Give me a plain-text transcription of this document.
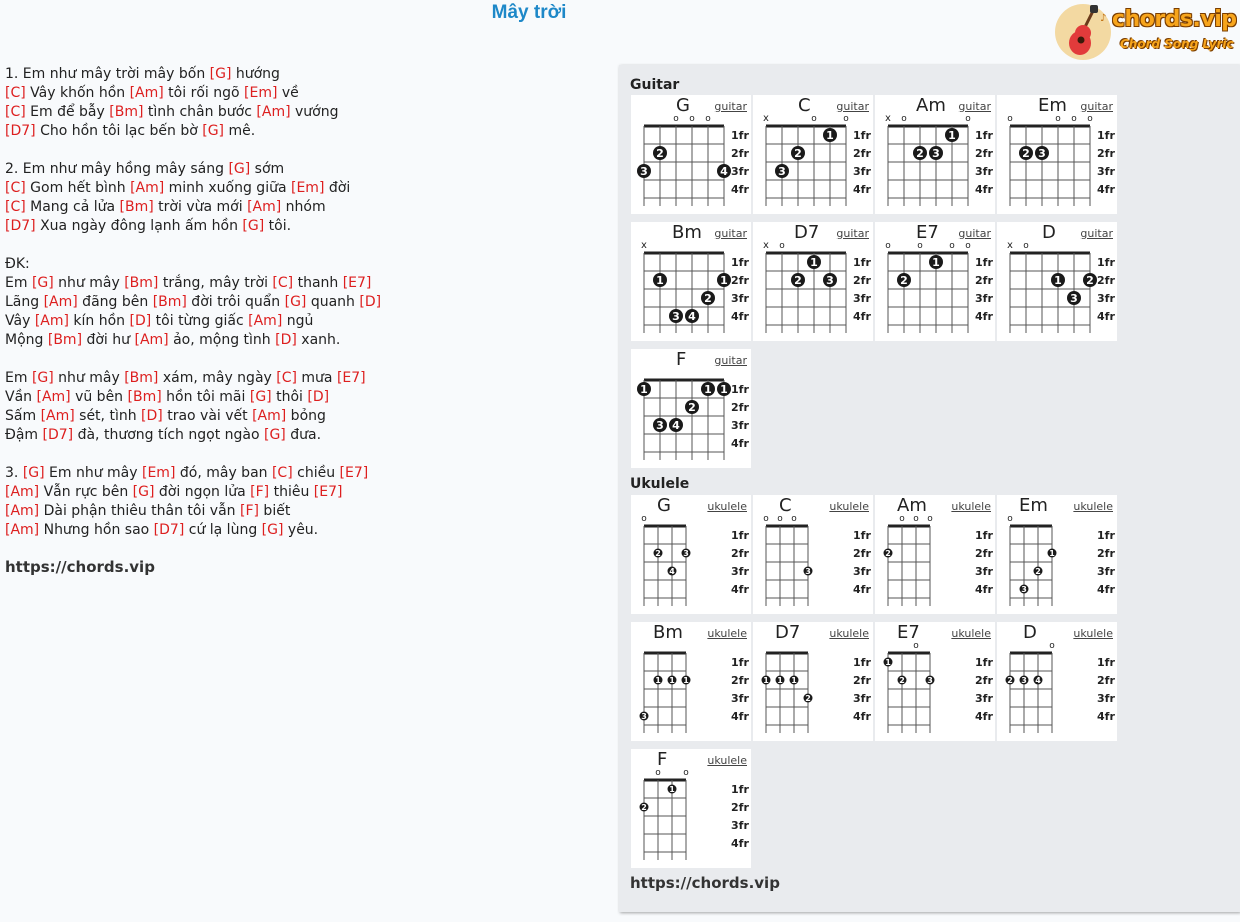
Mây trời	♪ chords.vip
Chord Song Lyric
1. Em như mây trời mây bốn [G] hướng
[C] Vây khốn hồn [Am] tôi rối ngõ [Em] về
[C] Em để bẫy [Bm] tình chân bước [Am] vướng
[D7] Cho hồn tôi lạc bến bờ [G] mê.
2. Em như mây hồng mây sáng [G] sớm
[C] Gom hết bình [Am] minh xuống giữa [Em] đời
[C] Mang cả lửa [Bm] trời vừa mới [Am] nhóm
[D7] Xua ngày đông lạnh ấm hồn [G] tôi.
ĐK:
Em [G] như mây [Bm] trắng, mây trời [C] thanh [E7]
Lãng [Am] đãng bên [Bm] đời trôi quẩn [G] quanh [D]
Vây [Am] kín hồn [D] tôi từng giấc [Am] ngủ
Mộng [Bm] đời hư [Am] ảo, mộng tình [D] xanh.
Em [G] như mây [Bm] xám, mây ngày [C] mưa [E7]
Vần [Am] vũ bên [Bm] hồn tôi mãi [G] thôi [D]
Sấm [Am] sét, tình [D] trao vài vết [Am] bỏng
Đậm [D7] đà, thương tích ngọt ngào [G] đưa.
3. [G] Em như mây [Em] đó, mây ban [C] chiều [E7]
[Am] Vẫn rực bên [G] đời ngọn lửa [F] thiêu [E7]
[Am] Dài phận thiêu thân tôi vẫn [F] biết
[Am] Nhưng hồn sao [D7] cứ lạ lùng [G] yêu.
https://chords.vip
Guitar
o o o
1fr
2fr
3fr
4fr
3
2
4
G guitar
x	o	o
1fr
2fr
3fr
4fr
3
2
1
C guitar
x o	o
1fr
2fr
3fr
4fr
2 3
1
Am guitar
o	o o o
1fr
2fr
3fr
4fr
2 3
Em guitar
x
1fr
2fr
3fr
4fr
1
3 4
2
1
Bm guitar
x o
1fr
2fr
3fr
4fr
2
1
3
D7 guitar
o	o	o o
1fr
2fr
3fr
4fr
2
1
E7 guitar
x o
1fr
2fr
3fr
4fr
1
3
2
D guitar
1fr
2fr
3fr
4fr
1
3 4
2
1 1
F	guitar
Ukulele
o
1fr
2fr
3fr
4fr
2
4
3
G	ukulele
o o o
1fr
2fr
3fr
4fr
3
C	ukulele
o o o
1fr
2fr
3fr
4fr
2
Am ukulele
o
1fr
2fr
3fr
4fr
3
2
1
Em ukulele
1fr
2fr
3fr
4fr
3
1 1 1
Bm ukulele
1fr
2fr
3fr
4fr
1 1 1
2
D7	ukulele
o
1fr
2fr
3fr
4fr
1
2	3
E7	ukulele
o
1fr
2fr
3fr
4fr
2 3 4
D	ukulele
o o
1fr
2fr
3fr
4fr
2
1
F	ukulele
https://chords.vip
